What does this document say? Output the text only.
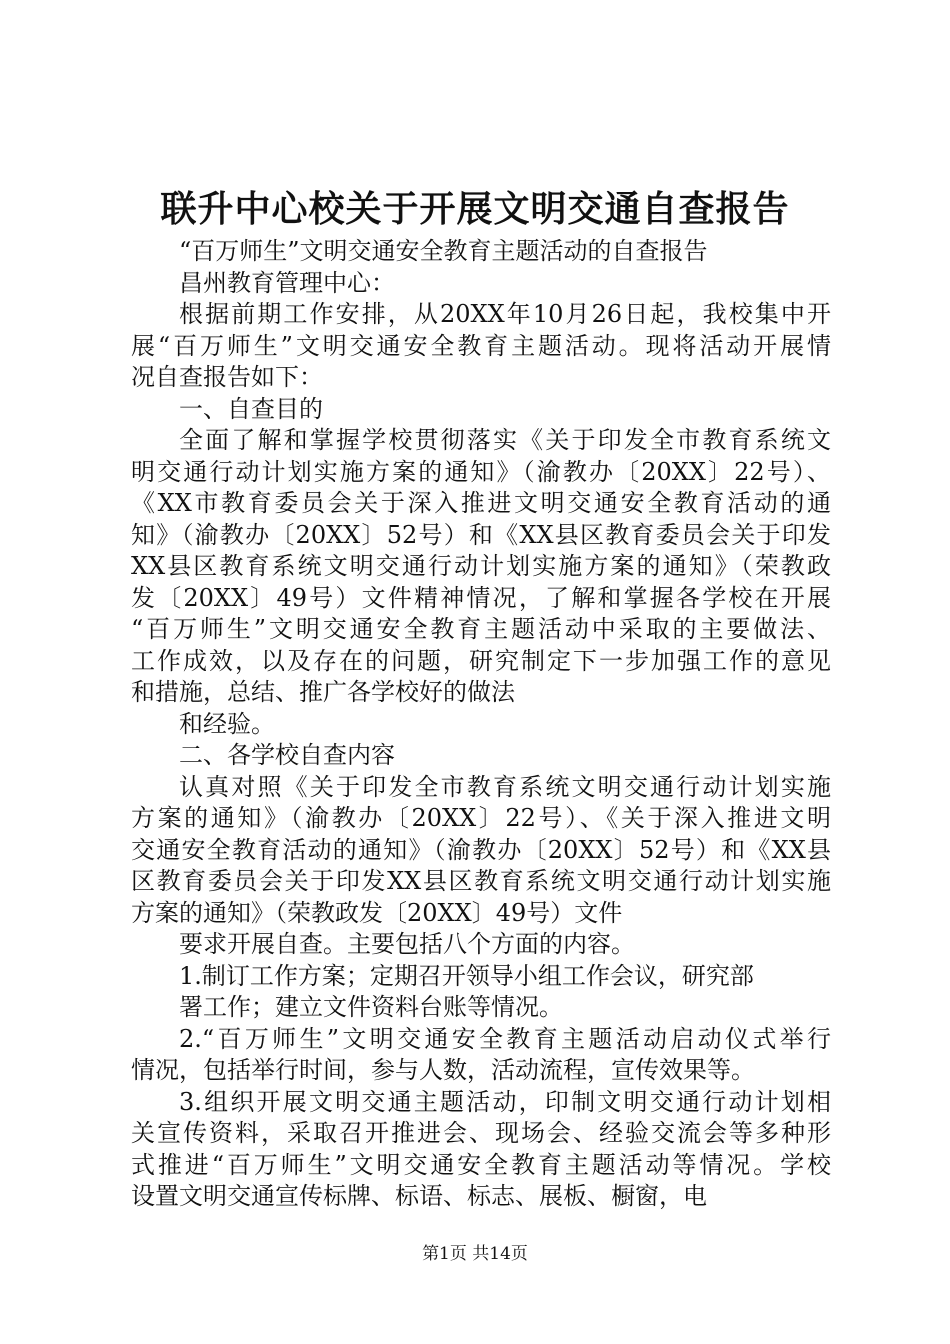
联升中心校关于开展文明交通自查报告
“百万师生”文明交通安全教育主题活动的自查报告
昌州教育管理中心：
根据前期工作安排，从20XX年10月26日起，我校集中开
展“百万师生”文明交通安全教育主题活动。现将活动开展情
况自查报告如下：
一、自查目的
全面了解和掌握学校贯彻落实《关于印发全市教育系统文
明交通行动计划实施方案的通知》（渝教办〔20XX〕22号）、
《XX市教育委员会关于深入推进文明交通安全教育活动的通
知》（渝教办〔20XX〕52号）和《XX县区教育委员会关于印发
XX县区教育系统文明交通行动计划实施方案的通知》（荣教政
发〔20XX〕49号）文件精神情况，了解和掌握各学校在开展
“百万师生”文明交通安全教育主题活动中采取的主要做法、
工作成效，以及存在的问题，研究制定下一步加强工作的意见
和措施，总结、推广各学校好的做法
和经验。
二、各学校自查内容
认真对照《关于印发全市教育系统文明交通行动计划实施
方案的通知》（渝教办〔20XX〕22号）、《关于深入推进文明
交通安全教育活动的通知》（渝教办〔20XX〕52号）和《XX县
区教育委员会关于印发XX县区教育系统文明交通行动计划实施
方案的通知》（荣教政发〔20XX〕49号）文件
要求开展自查。主要包括八个方面的内容。
1.制订工作方案；定期召开领导小组工作会议，研究部
署工作；建立文件资料台账等情况。
2.“百万师生”文明交通安全教育主题活动启动仪式举行
情况，包括举行时间，参与人数，活动流程，宣传效果等。
3.组织开展文明交通主题活动，印制文明交通行动计划相
关宣传资料，采取召开推进会、现场会、经验交流会等多种形
式推进“百万师生”文明交通安全教育主题活动等情况。学校
设置文明交通宣传标牌、标语、标志、展板、橱窗，电
第1页 共14页
